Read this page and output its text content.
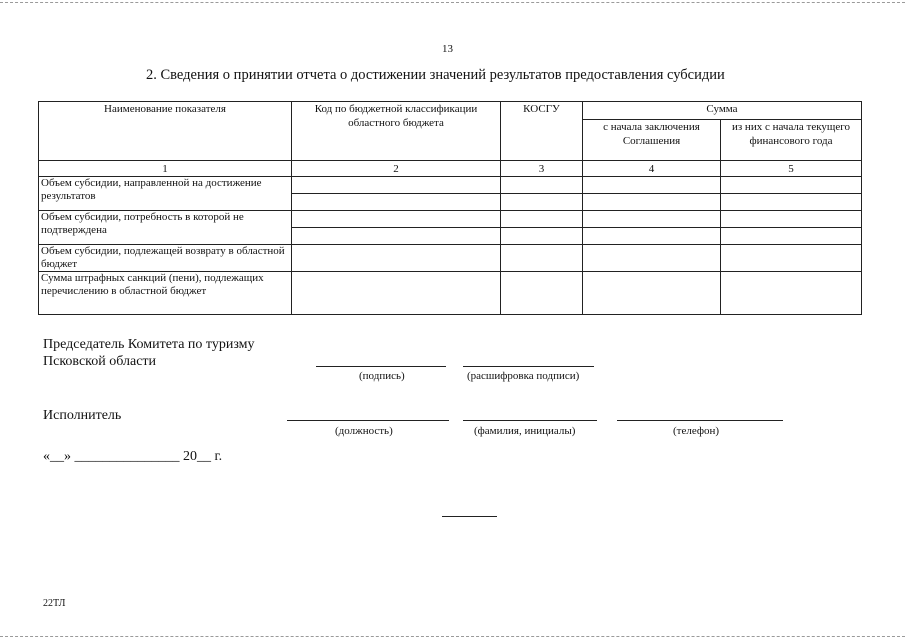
13
2. Сведения о принятии отчета о достижении значений результатов предоставления субсидии
Наименование показателя	Код по бюджетной классификации областного бюджета	КОСГУ	Сумма	
			с начала заключения Соглашения	из них с начала текущего финансового года
1	2	3	4	5
Объем субсидии, направленной на достижение результатов				

Объем субсидии, потребность в которой не подтверждена				

Объем субсидии, подлежащей возврату в областной бюджет				
Сумма штрафных санкций (пени), подлежащих перечислению в областной бюджет				
Председатель Комитета по туризму
Псковской области
(подпись)	(расшифровка подписи)
Исполнитель
(должность)	(фамилия, инициалы)	(телефон)
«__» _______________ 20__ г.
22ТЛ
